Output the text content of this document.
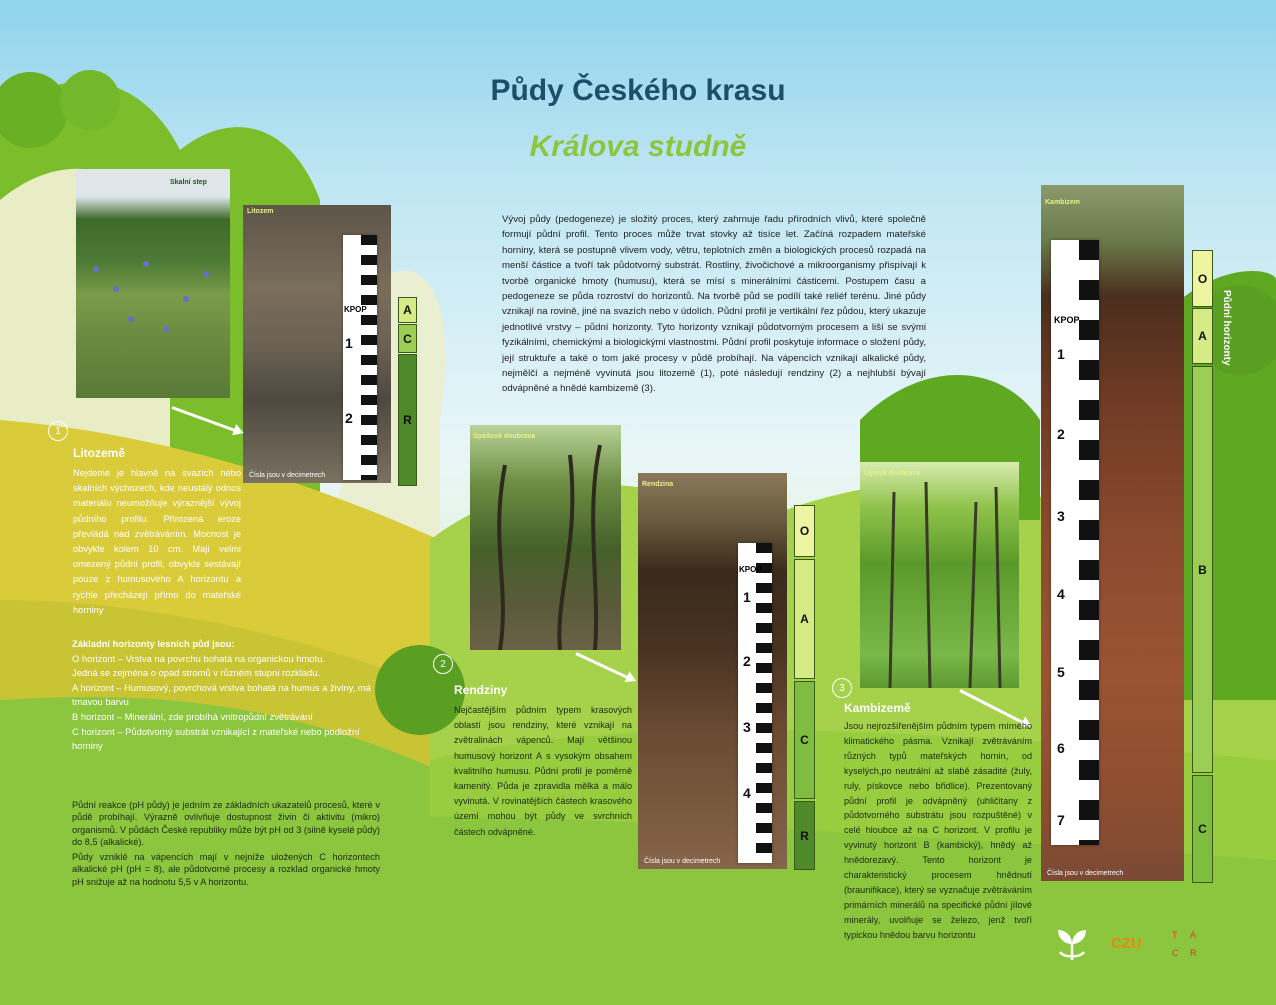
Půdy Českého krasu
Králova studně
Vývoj půdy (pedogeneze) je složitý proces, který zahrnuje řadu přírodních vlivů, které společně formují půdní profil. Tento proces může trvat stovky až tisíce let. Začíná rozpadem mateřské horniny, která se postupně vlivem vody, větru, teplotních změn a biologických procesů rozpadá na menší částice a tvoří tak půdotvorný substrát. Rostliny, živočichové a mikroorganismy přispívají k tvorbě organické hmoty (humusu), která se mísí s minerálními částicemi. Postupem času a pedogeneze se půda rozroství do horizontů. Na tvorbě půd se podílí také reliéf terénu. Jiné půdy vznikají na rovině, jiné na svazích nebo v údolích. Půdní profil je vertikální řez půdou, který ukazuje jednotlivé vrstvy – půdní horizonty. Tyto horizonty vznikají půdotvorným procesem a liší se svými fyzikálními, chemickými a biologickými vlastnostmi. Půdní profil poskytuje informace o složení půdy, její struktuře a také o tom jaké procesy v půdě probíhají. Na vápencích vznikají alkalické půdy, nejmělčí a nejméně vyvinutá jsou litozemě (1), poté následují rendziny (2) a nejhlubší bývají odvápněné a hnědé kambizemě (3).
Skalní step
Litozem
KPOP
1
2
Čísla jsou v decimetrech
A
C
R
1
Litozemě
Nejdeme je hlavně na svazích nebo skalních výchozech, kde neustálý odnos materiálu neumožňuje výraznější vývoj půdního profilu. Přirozená eroze převládá nad zvětráváním. Mocnost je obvykle kolem 10 cm. Mají velmi omezený půdní profil, obvykle sestávají pouze z humusového A horizontu a rychle přecházejí přímo do mateřské horniny
Základní horizonty lesních půd jsou:
O horizont – Vrstva na povrchu bohatá na organickou hmotu.
Jedná se zejména o opad stromů v různém stupni rozkladu.
A horizont – Humusový, povrchová vrstva bohatá na humus a živiny, má tmavou barvu
B horizont – Minerální, zde probíhá vnitropůdní zvětrávání
C horizont – Půdotvorný substrát vznikající z mateřské nebo podložní horniny
Půdní reakce (pH půdy) je jedním ze základních ukazatelů procesů, které v půdě probíhají. Výrazně ovlivňuje dostupnost živin či aktivitu (mikro) organismů. V půdách České republiky může být pH od 3 (silně kyselé půdy) do 8,5 (alkalické).
Půdy vzniklé na vápencích mají v nejníže uložených C horizontech alkalické pH (pH = 8), ale půdotvorné procesy a rozklad organické hmoty pH snižuje až na hodnotu 5,5 v A horizontu.
Spášová doubrava
Rendzina
KPOP
1
2
3
4
Čísla jsou v decimetrech
O
A
C
R
2
Rendziny
Nejčastějším půdním typem krasových oblastí jsou rendziny, které vznikají na zvětralinách vápenců. Mají většinou humusový horizont A s vysokým obsahem kvalitního humusu. Půdní profil je poměrně kamenitý. Půda je zpravidla mělká a málo vyvinutá. V rovinatějších částech krasového území mohou být půdy ve svrchních částech odvápněné.
Lipová doubrava
Kambizem
KPOP
1
2
3
4
5
6
7
Čísla jsou v decimetrech
O
A
B
C
Půdní horizonty
3
Kambizemě
Jsou nejrozšířenějším půdním typem mírného klimatického pásma. Vznikají zvětráváním různých typů mateřských hornin, od kyselých,po neutrální až slabě zásadité (žuly, ruly, pískovce nebo břidlice). Prezentovaný půdní profil je odvápněný (uhličitany z půdotvorného substrátu jsou rozpuštěné) v celé hloubce až na C horizont. V profilu je vyvinutý horizont B (kambický), hnědý až hnědorezavý. Tento horizont je charakteristický procesem hnědnutí (braunifikace), který se vyznačuje zvětráváním primárních minerálů na specifické půdní jílové minerály, uvolňuje se železo, jenž tvoří typickou hnědou barvu horizontu
CZU	T A
C R
